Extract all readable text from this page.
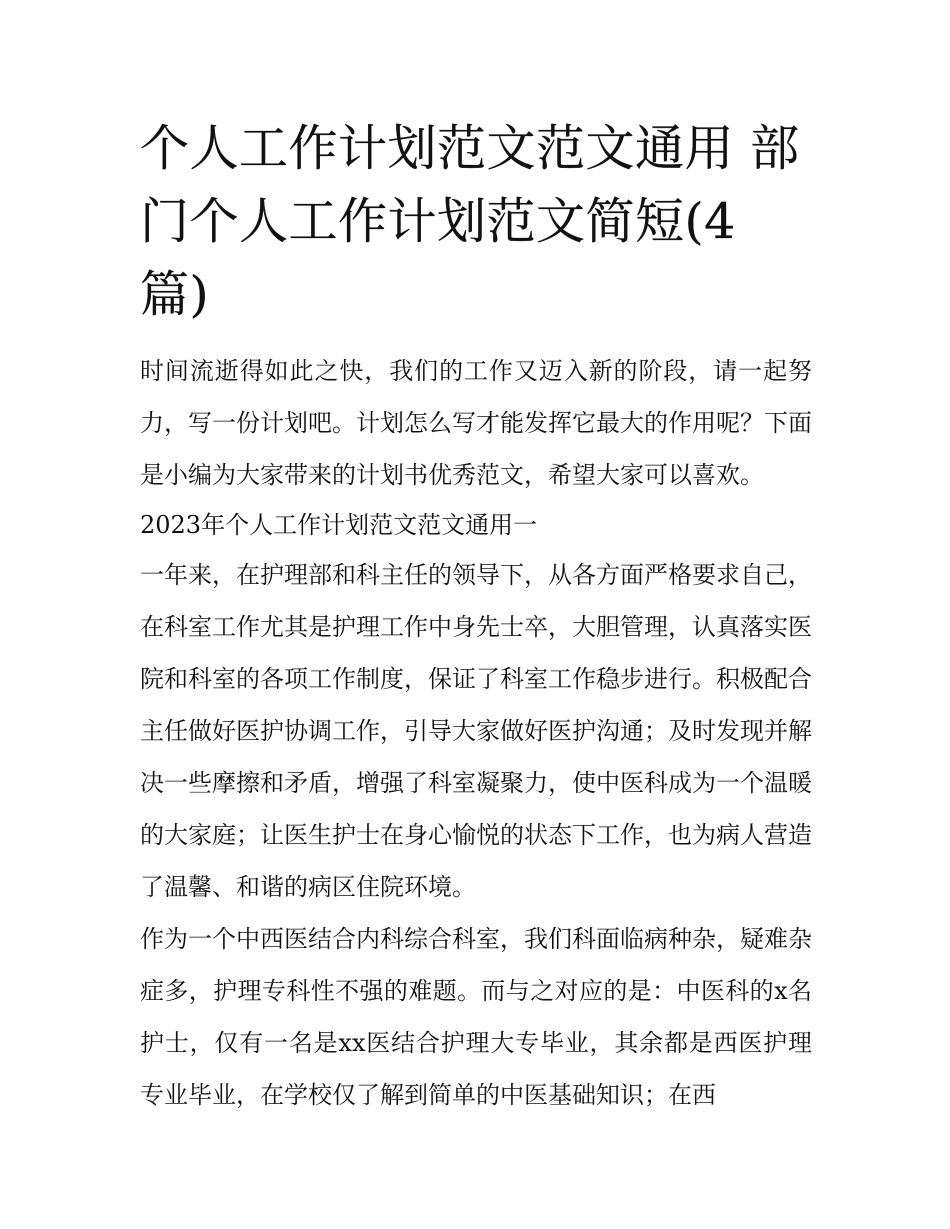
个人工作计划范文范文通用 部
门个人工作计划范文简短(4
篇)

时间流逝得如此之快，我们的工作又迈入新的阶段，请一起努力，写一份计划吧。计划怎么写才能发挥它最大的作用呢？下面是小编为大家带来的计划书优秀范文，希望大家可以喜欢。

2023年个人工作计划范文范文通用一

一年来，在护理部和科主任的领导下，从各方面严格要求自己，在科室工作尤其是护理工作中身先士卒，大胆管理，认真落实医院和科室的各项工作制度，保证了科室工作稳步进行。积极配合主任做好医护协调工作，引导大家做好医护沟通；及时发现并解决一些摩擦和矛盾，增强了科室凝聚力，使中医科成为一个温暖的大家庭；让医生护士在身心愉悦的状态下工作，也为病人营造了温馨、和谐的病区住院环境。

作为一个中西医结合内科综合科室，我们科面临病种杂，疑难杂症多，护理专科性不强的难题。而与之对应的是：中医科的x名护士，仅有一名是xx医结合护理大专毕业，其余都是西医护理专业毕业，在学校仅了解到简单的中医基础知识；在西
